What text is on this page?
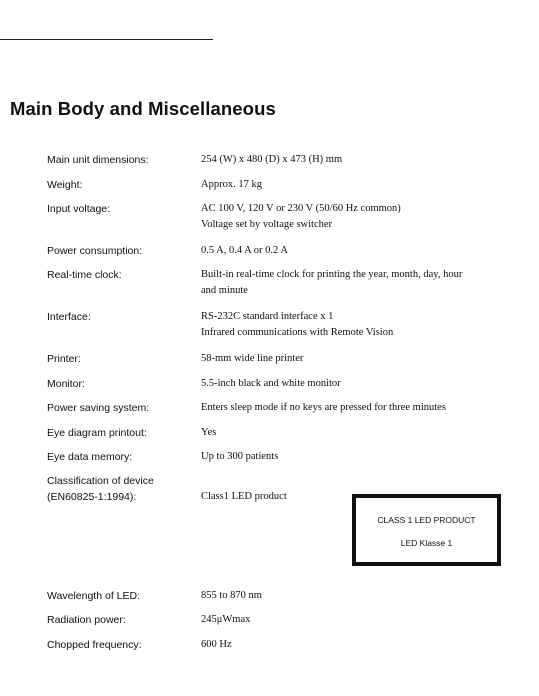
Main Body and Miscellaneous
Main unit dimensions:	254 (W) x 480 (D) x 473 (H) mm
Weight:	Approx. 17 kg
Input voltage:	AC 100 V, 120 V or 230 V (50/60 Hz common)
Voltage set by voltage switcher
Power consumption:	0.5 A, 0.4 A or 0.2 A
Real-time clock:	Built-in real-time clock for printing the year, month, day, hour
and minute
Interface:	RS-232C standard interface x 1
Infrared communications with Remote Vision
Printer:	58-mm wide line printer
Monitor:	5.5-inch black and white monitor
Power saving system:	Enters sleep mode if no keys are pressed for three minutes
Eye diagram printout:	Yes
Eye data memory:	Up to 300 patients
Classification of device
(EN60825-1:1994):
	Class1 LED product
Wavelength of LED:	855 to 870 nm
Radiation power:	245μWmax
Chopped frequency:	600 Hz
CLASS 1 LED PRODUCT
LED Klasse 1
